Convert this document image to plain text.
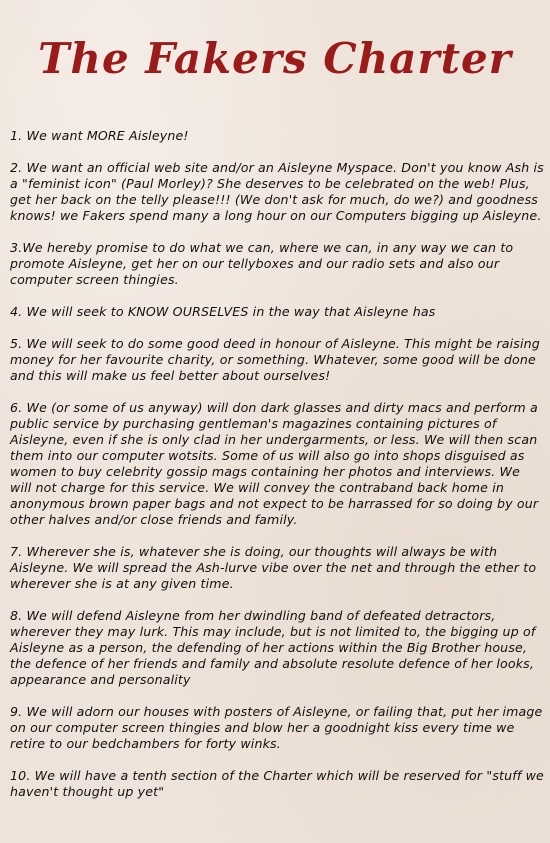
The Fakers Charter
1. We want MORE Aisleyne!
2. We want an official web site and/or an Aisleyne Myspace. Don't you know Ash is a "feminist icon" (Paul Morley)? She deserves to be celebrated on the web! Plus, get her back on the telly please!!! (We don't ask for much, do we?) and goodness knows! we Fakers spend many a long hour on our Computers bigging up Aisleyne.
3.We hereby promise to do what we can, where we can, in any way we can to promote Aisleyne, get her on our tellyboxes and our radio sets and also our computer screen thingies.
4. We will seek to KNOW OURSELVES in the way that Aisleyne has
5. We will seek to do some good deed in honour of Aisleyne. This might be raising money for her favourite charity, or something. Whatever, some good will be done and this will make us feel better about ourselves!
6. We (or some of us anyway) will don dark glasses and dirty macs and perform a public service by purchasing gentleman's magazines containing pictures of Aisleyne, even if she is only clad in her undergarments, or less. We will then scan them into our computer wotsits. Some of us will also go into shops disguised as women to buy celebrity gossip mags containing her photos and interviews. We will not charge for this service. We will convey the contraband back home in anonymous brown paper bags and not expect to be harrassed for so doing by our other halves and/or close friends and family.
7. Wherever she is, whatever she is doing, our thoughts will always be with Aisleyne. We will spread the Ash-lurve vibe over the net and through the ether to wherever she is at any given time.
8. We will defend Aisleyne from her dwindling band of defeated detractors, wherever they may lurk. This may include, but is not limited to, the bigging up of Aisleyne as a person, the defending of her actions within the Big Brother house, the defence of her friends and family and absolute resolute defence of her looks, appearance and personality
9. We will adorn our houses with posters of Aisleyne, or failing that, put her image on our computer screen thingies and blow her a goodnight kiss every time we retire to our bedchambers for forty winks.
10. We will have a tenth section of the Charter which will be reserved for "stuff we haven't thought up yet"
